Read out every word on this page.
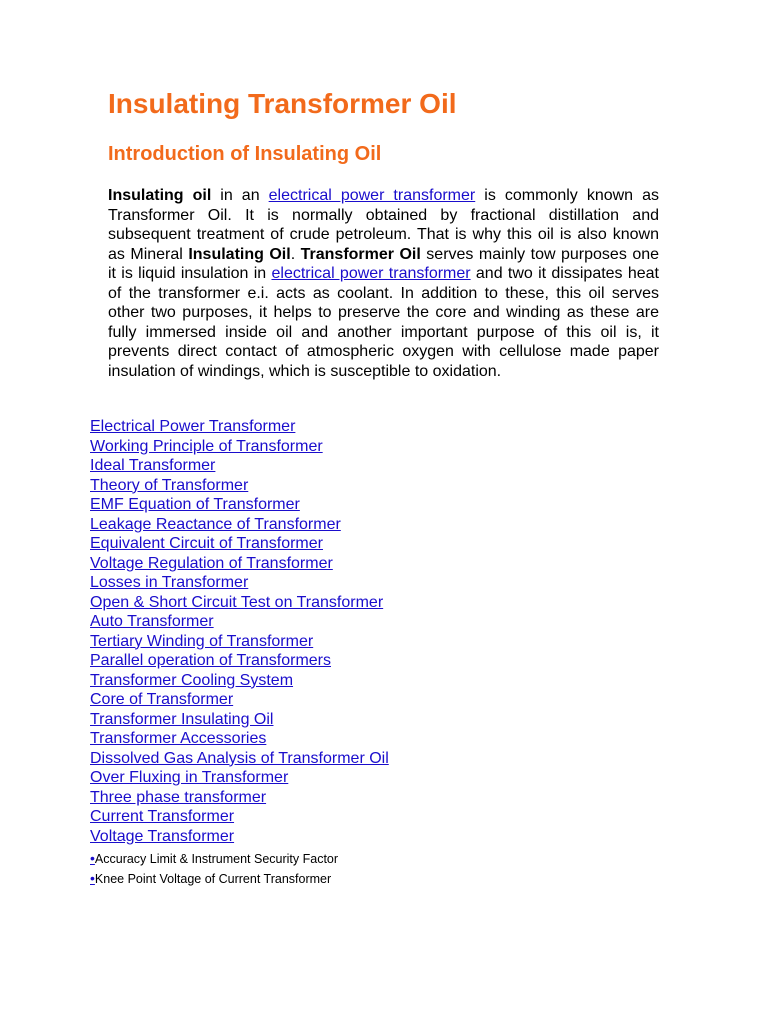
Insulating Transformer Oil
Introduction of Insulating Oil

Insulating oil in an electrical power transformer is commonly known as Transformer Oil. It is normally obtained by fractional distillation and subsequent treatment of crude petroleum. That is why this oil is also known as Mineral Insulating Oil. Transformer Oil serves mainly tow purposes one it is liquid insulation in electrical power transformer and two it dissipates heat of the transformer e.i. acts as coolant. In addition to these, this oil serves other two purposes, it helps to preserve the core and winding as these are fully immersed inside oil and another important purpose of this oil is, it prevents direct contact of atmospheric oxygen with cellulose made paper insulation of windings, which is susceptible to oxidation.

Electrical Power Transformer
Working Principle of Transformer
Ideal Transformer
Theory of Transformer
EMF Equation of Transformer
Leakage Reactance of Transformer
Equivalent Circuit of Transformer
Voltage Regulation of Transformer
Losses in Transformer
Open & Short Circuit Test on Transformer
Auto Transformer
Tertiary Winding of Transformer
Parallel operation of Transformers
Transformer Cooling System
Core of Transformer
Transformer Insulating Oil
Transformer Accessories
Dissolved Gas Analysis of Transformer Oil
Over Fluxing in Transformer
Three phase transformer
Current Transformer
Voltage Transformer
•Accuracy Limit & Instrument Security Factor
•Knee Point Voltage of Current Transformer
